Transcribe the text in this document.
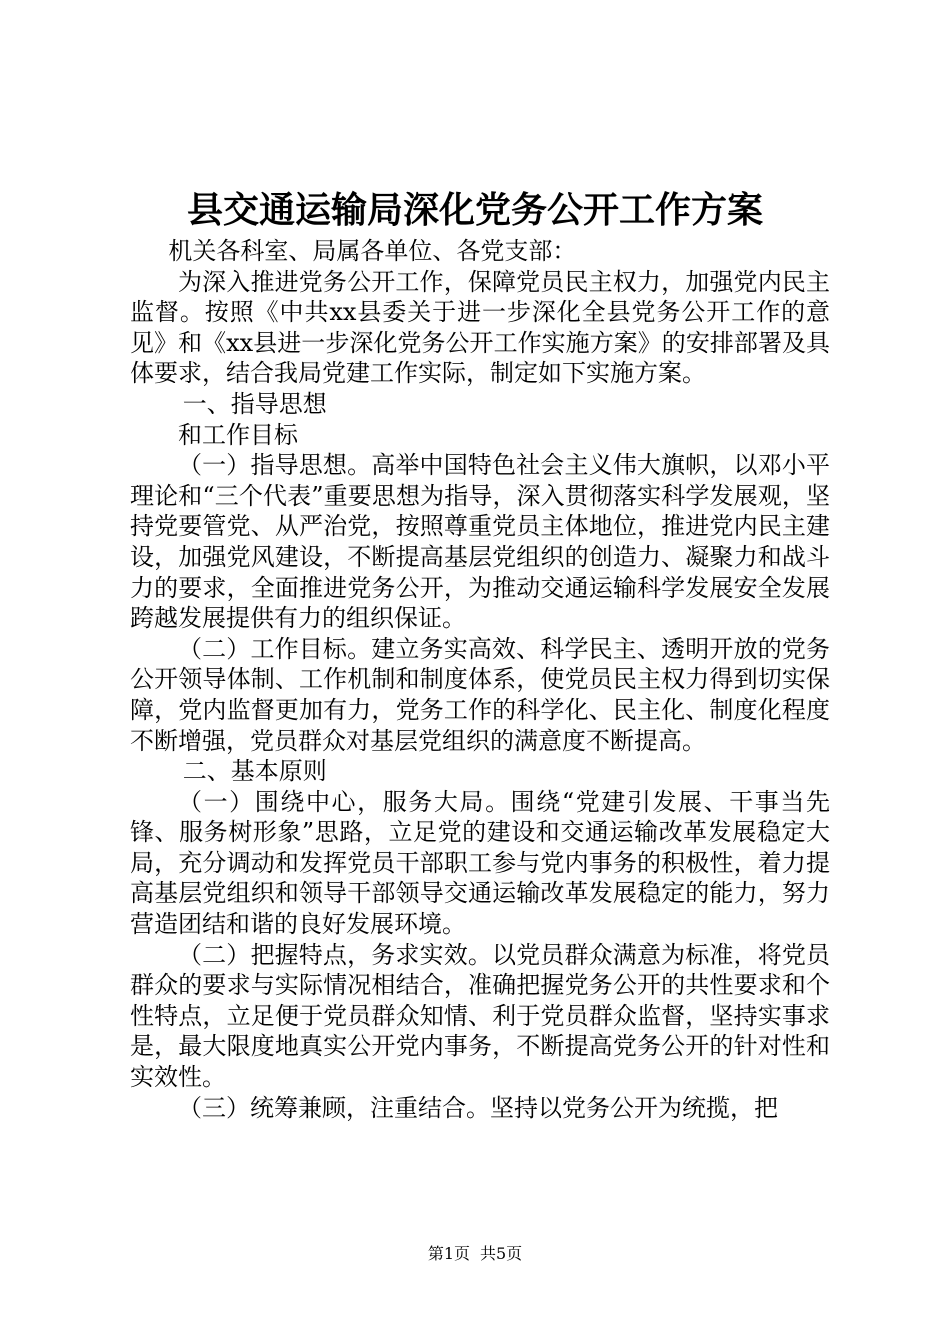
县交通运输局深化党务公开工作方案

机关各科室、局属各单位、各党支部：

为深入推进党务公开工作，保障党员民主权力，加强党内民主监督。按照《中共xx县委关于进一步深化全县党务公开工作的意见》和《xx县进一步深化党务公开工作实施方案》的安排部署及具体要求，结合我局党建工作实际，制定如下实施方案。

一、指导思想

和工作目标

（一）指导思想。高举中国特色社会主义伟大旗帜，以邓小平理论和“三个代表”重要思想为指导，深入贯彻落实科学发展观，坚持党要管党、从严治党，按照尊重党员主体地位，推进党内民主建设，加强党风建设，不断提高基层党组织的创造力、凝聚力和战斗力的要求，全面推进党务公开，为推动交通运输科学发展安全发展跨越发展提供有力的组织保证。

（二）工作目标。建立务实高效、科学民主、透明开放的党务公开领导体制、工作机制和制度体系，使党员民主权力得到切实保障，党内监督更加有力，党务工作的科学化、民主化、制度化程度不断增强，党员群众对基层党组织的满意度不断提高。

二、基本原则

（一）围绕中心，服务大局。围绕“党建引发展、干事当先锋、服务树形象”思路，立足党的建设和交通运输改革发展稳定大局，充分调动和发挥党员干部职工参与党内事务的积极性，着力提高基层党组织和领导干部领导交通运输改革发展稳定的能力，努力营造团结和谐的良好发展环境。

（二）把握特点，务求实效。以党员群众满意为标准，将党员群众的要求与实际情况相结合，准确把握党务公开的共性要求和个性特点，立足便于党员群众知情、利于党员群众监督，坚持实事求是，最大限度地真实公开党内事务，不断提高党务公开的针对性和实效性。

（三）统筹兼顾，注重结合。坚持以党务公开为统揽，把

第1页 共5页
